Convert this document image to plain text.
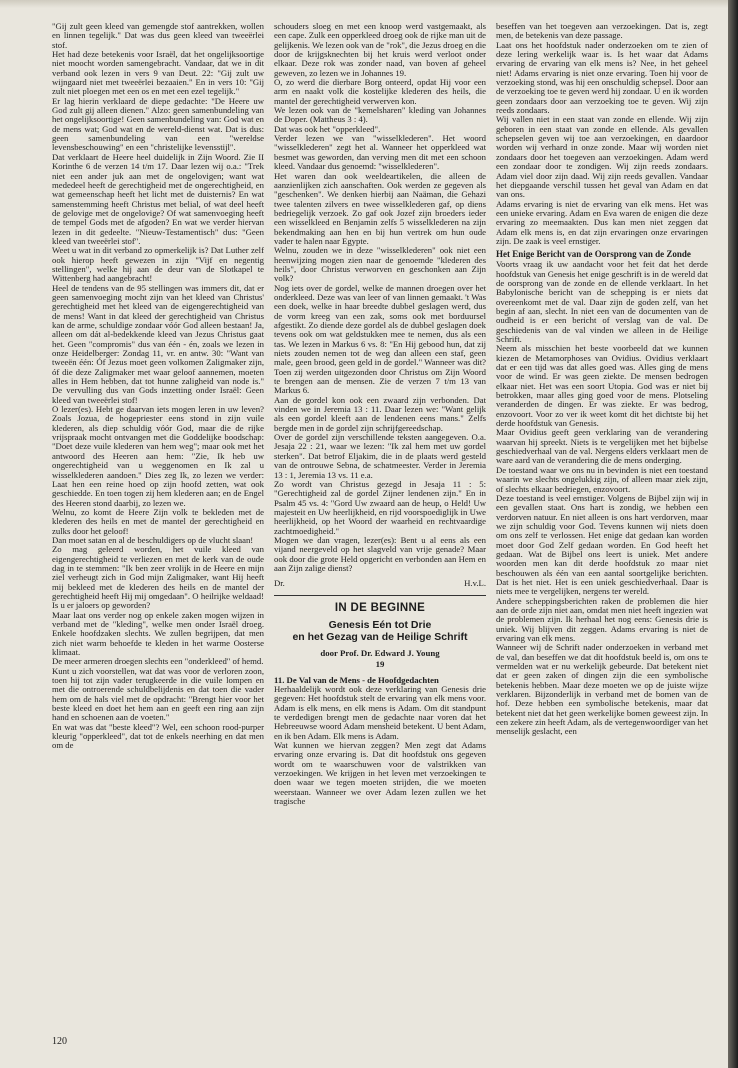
"Gij zult geen kleed van gemengde stof aantrekken, wollen en linnen tegelijk." Dat was dus geen kleed van tweeërlei stof.

Het had deze betekenis voor Israël, dat het ongelijksoortige niet moocht worden samengebracht. Vandaar, dat we in dit verband ook lezen in vers 9 van Deut. 22: "Gij zult uw wijngaard niet met tweeërlei bezaaien." En in vers 10: "Gij zult niet ploegen met een os en met een ezel tegelijk."

Er lag hierin verklaard de diepe gedachte: "De Heere uw God zult gij alleen dienen." Alzo: geen samenbundeling van het ongelijksoortige! Geen samenbundeling van: God wat en de mens wat; God wat en de wereld-dienst wat. Dat is dus: geen samenbundeling van een "wereldse levensbeschouwing" en een "christelijke levensstijl".

Dat verklaart de Heere heel duidelijk in Zijn Woord. Zie II Korinthe 6 de verzen 14 t/m 17. Daar lezen wij o.a.: "Trek niet een ander juk aan met de ongelovigen; want wat mededeel heeft de gerechtigheid met de ongerechtigheid, en wat gemeenschap heeft het licht met de duisternis? En wat samenstemming heeft Christus met belial, of wat deel heeft de gelovige met de ongelovige? Of wat samenvoeging heeft de tempel Gods met de afgoden? En wat we verder hiervan lezen in dit gedeelte. "Nieuw-Testamentisch" dus: "Geen kleed van tweeërlei stof".

Weet u wat in dit verband zo opmerkelijk is? Dat Luther zelf ook hierop heeft gewezen in zijn "Vijf en negentig stellingen", welke hij aan de deur van de Slotkapel te Wittenberg had aangebracht!

Heel de tendens van de 95 stellingen was immers dit, dat er geen samenvoeging mocht zijn van het kleed van Christus' gerechtigheid met het kleed van de eigengerechtigheid van de mens! Want in dat kleed der gerechtigheid van Christus kan de arme, schuldige zondaar vóór God alleen bestaan! Ja, alleen om dát al-bedekkende kleed van Jezus Christus gaat het. Geen "compromis" dus van één - én, zoals we lezen in onze Heidelberger: Zondag 11, vr. en antw. 30: "Want van tweeën één: Óf Jezus moet geen volkomen Zaligmaker zijn, óf die deze Zaligmaker met waar geloof aannemen, moeten alles in Hem hebben, dat tot hunne zaligheid van node is." De vervulling dus van Gods inzetting onder Israël: Geen kleed van tweeërlei stof!

O lezer(es). Hebt ge daarvan iets mogen leren in uw leven? Zoals Jozua, de hogepriester eens stond in zijn vuile klederen, als diep schuldig vóór God, maar die de rijke vrijspraak mocht ontvangen met die Goddelijke boodschap: "Doet deze vuile klederen van hem weg"; maar ook met het antwoord des Heeren aan hem: "Zie, Ik heb uw ongerechtigheid van u weggenomen en Ik zal u wisselklederen aandoen." Dies zeg Ik, zo lezen we verder: Laat hen een reine hoed op zijn hoofd zetten, wat ook geschiedde. En toen togen zij hem klederen aan; en de Engel des Heeren stond daarbij, zo lezen we.

Welnu, zo komt de Heere Zijn volk te bekleden met de klederen des heils en met de mantel der gerechtigheid en zulks door het geloof!

Dan moet satan en al de beschuldigers op de vlucht slaan!

Zo mag geleerd worden, het vuile kleed van eigengerechtigheid te verliezen en met de kerk van de oude dag in te stemmen: "Ik ben zeer vrolijk in de Heere en mijn ziel verheugt zich in God mijn Zaligmaker, want Hij heeft mij bekleed met de klederen des heils en de mantel der gerechtigheid heeft Hij mij omgedaan". O heilrijke weldaad! Is u er jaloers op geworden?

Maar laat ons verder nog op enkele zaken mogen wijzen in verband met de "kleding", welke men onder Israël droeg. Enkele hoofdzaken slechts. We zullen begrijpen, dat men zich niet warm behoefde te kleden in het warme Oosterse klimaat.

De meer armeren droegen slechts een "onderkleed" of hemd.

Kunt u zich voorstellen, wat dat was voor de verloren zoon, toen hij tot zijn vader terugkeerde in die vuile lompen en met die ontroerende schuldbelijdenis en dat toen die vader hem om de hals viel met de opdracht: "Brengt hier voor het beste kleed en doet het hem aan en geeft een ring aan zijn hand en schoenen aan de voeten."

En wat was dat "beste kleed"? Wel, een schoon rood-purper kleurig "opperkleed", dat tot de enkels neerhing en dat men om de

schouders sloeg en met een knoop werd vastgemaakt, als een cape. Zulk een opperkleed droeg ook de rijke man uit de gelijkenis. We lezen ook van de "rok", die Jezus droeg en die door de krijgsknechten bij het kruis werd verloot onder elkaar. Deze rok was zonder naad, van boven af geheel geweven, zo lezen we in Johannes 19.

O, zo werd die dierbare Borg onteerd, opdat Hij voor een arm en naakt volk die kostelijke klederen des heils, die mantel der gerechtigheid verwerven kon.

We lezen ook van de "kemelsharen" kleding van Johannes de Doper. (Mattheus 3 : 4).

Dat was ook het "opperkleed".

Verder lezen we van "wisselklederen". Het woord "wisselklederen" zegt het al. Wanneer het opperkleed wat besmet was geworden, dan verving men dit met een schoon kleed. Vandaar dus genoemd: "wisselklederen".

Het waren dan ook weeldeartikelen, die alleen de aanzienlijken zich aanschaften. Ook werden ze gegeven als "geschenken". We denken hierbij aan Naäman, die Gehazi twee talenten zilvers en twee wisselklederen gaf, op diens bedriegelijk verzoek. Zo gaf ook Jozef zijn broeders ieder een wisselkleed en Benjamin zelfs 5 wisselklederen na zijn bekendmaking aan hen en bij hun vertrek om hun oude vader te halen naar Egypte.

Welnu, zouden we in deze "wisselklederen" ook niet een heenwijzing mogen zien naar de genoemde "klederen des heils", door Christus verworven en geschonken aan Zijn volk?

Nog iets over de gordel, welke de mannen droegen over het onderkleed. Deze was van leer of van linnen gemaakt. 't Was een doek, welke in haar breedte dubbel geslagen werd, dus de vorm kreeg van een zak, soms ook met borduursel afgestikt. Zo diende deze gordel als de dubbel geslagen doek tevens ook om wat geldstukken mee te nemen, dus als een tas. We lezen in Markus 6 vs. 8: "En Hij gebood hun, dat zij niets zouden nemen tot de weg dan alleen een staf, geen male, geen brood, geen geld in de gordel." Wanneer was dit? Toen zij werden uitgezonden door Christus om Zijn Woord te brengen aan de mensen. Zie de verzen 7 t/m 13 van Markus 6.

Aan de gordel kon ook een zwaard zijn verbonden. Dat vinden we in Jeremia 13 : 11. Daar lezen we: "Want gelijk als een gordel kleeft aan de lendenen eens mans." Zelfs bergde men in de gordel zijn schrijfgereedschap.

Over de gordel zijn verschillende teksten aangegeven. O.a. Jesaja 22 : 21, waar we lezen: "Ik zal hem met uw gordel sterken". Dat betrof Eljakim, die in de plaats werd gesteld van de ontrouwe Sebna, de schatmeester. Verder in Jeremia 13 : 1, Jeremia 13 vs. 11 e.a.

Zo wordt van Christus gezegd in Jesaja 11 : 5: "Gerechtigheid zal de gordel Zijner lendenen zijn." En in Psalm 45 vs. 4: "Gord Uw zwaard aan de heup, o Held! Uw majesteit en Uw heerlijkheid, en rijd voorspoediglijk in Uwe heerlijkheid, op het Woord der waarheid en rechtvaardige zachtmoedigheid."

Mogen we dan vragen, lezer(es): Bent u al eens als een vijand neergeveld op het slagveld van vrije genade? Maar ook door die grote Held opgericht en verbonden aan Hem en aan Zijn zalige dienst?

Dr.	H.v.L.
IN DE BEGINNE
Genesis Eén tot Drie
en het Gezag van de Heilige Schrift
door Prof. Dr. Edward J. Young
19

11. De Val van de Mens - de Hoofdgedachten

Herhaaldelijk wordt ook deze verklaring van Genesis drie gegeven: Het hoofdstuk stelt de ervaring van elk mens voor. Adam is elk mens, en elk mens is Adam. Om dit standpunt te verdedigen brengt men de gedachte naar voren dat het Hebreeuwse woord Adam mensheid betekent. U bent Adam, en ik ben Adam. Elk mens is Adam.

Wat kunnen we hiervan zeggen? Men zegt dat Adams ervaring onze ervaring is. Dat dit hoofdstuk ons gegeven wordt om te waarschuwen voor de valstrikken van verzoekingen. We krijgen in het leven met verzoekingen te doen waar we tegen moeten strijden, die we moeten weerstaan. Wanneer we over Adam lezen zullen we het tragische

beseffen van het toegeven aan verzoekingen. Dat is, zegt men, de betekenis van deze passage.

Laat ons het hoofdstuk nader onderzoeken om te zien of deze lering werkelijk waar is. Is het waar dat Adams ervaring de ervaring van elk mens is? Nee, in het geheel niet! Adams ervaring is niet onze ervaring. Toen hij voor de verzoeking stond, was hij een onschuldig schepsel. Door aan de verzoeking toe te geven werd hij zondaar. U en ik worden geen zondaars door aan verzoeking toe te geven. Wij zijn reeds zondaars.

Wij vallen niet in een staat van zonde en ellende. Wij zijn geboren in een staat van zonde en ellende. Als gevallen schepselen geven wij toe aan verzoekingen, en daardoor worden wij verhard in onze zonde. Maar wij worden niet zondaars door het toegeven aan verzoekingen. Adam werd een zondaar door te zondigen. Wij zijn reeds zondaars. Adam viel door zijn daad. Wij zijn reeds gevallen. Vandaar het diepgaande verschil tussen het geval van Adam en dat van ons.

Adams ervaring is niet de ervaring van elk mens. Het was een unieke ervaring. Adam en Eva waren de enigen die deze ervaring zo meemaakten. Dus kan men niet zeggen dat Adam elk mens is, en dat zijn ervaringen onze ervaringen zijn. De zaak is veel ernstiger.

Het Enige Bericht van de Oorsprong van de Zonde

Voorts vraag ik uw aandacht voor het feit dat het derde hoofdstuk van Genesis het enige geschrift is in de wereld dat de oorsprong van de zonde en de ellende verklaart. In het Babylonische bericht van de schepping is er niets dat overeenkomt met de val. Daar zijn de goden zelf, van het begin af aan, slecht. In niet een van de documenten van de oudheid is er een bericht of verslag van de val. De geschiedenis van de val vinden we alleen in de Heilige Schrift.

Neem als misschien het beste voorbeeld dat we kunnen kiezen de Metamorphoses van Ovidius. Ovidius verklaart dat er een tijd was dat alles goed was. Alles ging de mens voor de wind. Er was geen ziekte. De mensen bedrogen elkaar niet. Het was een soort Utopia. God was er niet bij betrokken, maar alles ging goed voor de mens. Plotseling veranderden de dingen. Er was ziekte. Er was bedrog, enzovoort. Voor zo ver ik weet komt dit het dichtste bij het derde hoofdstuk van Genesis.

Maar Ovidius geeft geen verklaring van de verandering waarvan hij spreekt. Niets is te vergelijken met het bijbelse geschiedverhaal van de val. Nergens elders verklaart men de ware aard van de verandering die de mens onderging.

De toestand waar we ons nu in bevinden is niet een toestand waarin we slechts ongelukkig zijn, of alleen maar ziek zijn, of slechts elkaar bedriegen, enzovoort.

Deze toestand is veel ernstiger. Volgens de Bijbel zijn wij in een gevallen staat. Ons hart is zondig, we hebben een verdorven natuur. En niet alleen is ons hart verdorven, maar we zijn schuldig voor God. Tevens kunnen wij niets doen om ons zelf te verlossen. Het enige dat gedaan kan worden moet door God Zelf gedaan worden. En God heeft het gedaan. Wat de Bijbel ons leert is uniek. Met andere woorden men kan dit derde hoofdstuk zo maar niet beschouwen als één van een aantal soortgelijke berichten. Dat is het niet. Het is een uniek geschiedverhaal. Daar is niets mee te vergelijken, nergens ter wereld.

Andere scheppingsberichten raken de problemen die hier aan de orde zijn niet aan, omdat men niet heeft ingezien wat de problemen zijn. Ik herhaal het nog eens: Genesis drie is uniek. Wij blijven dit zeggen. Adams ervaring is niet de ervaring van elk mens.

Wanneer wij de Schrift nader onderzoeken in verband met de val, dan beseffen we dat dit hoofdstuk beeld is, om ons te vermelden wat er nu werkelijk gebeurde. Dat betekent niet dat er geen zaken of dingen zijn die een symbolische betekenis hebben. Maar deze moeten we op de juiste wijze verklaren. Bijzonderlijk in verband met de bomen van de hof. Deze hebben een symbolische betekenis, maar dat betekent niet dat het geen werkelijke bomen geweest zijn. In een zekere zin heeft Adam, als de vertegenwoordiger van het menselijk geslacht, een

120
